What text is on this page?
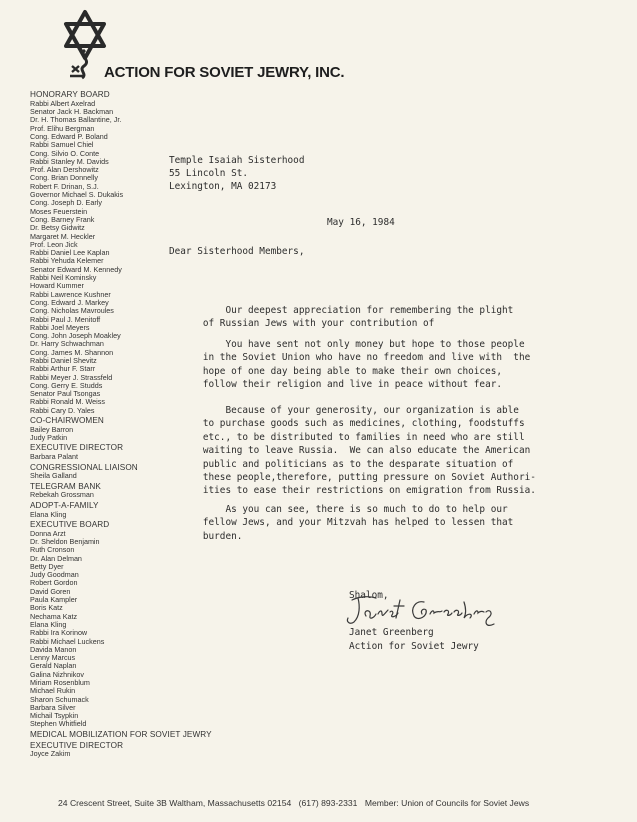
ACTION FOR SOVIET JEWRY, INC.
HONORARY BOARD
Rabbi Albert Axelrad
Senator Jack H. Backman
Dr. H. Thomas Ballantine, Jr.
Prof. Elihu Bergman
Cong. Edward P. Boland
Rabbi Samuel Chiel
Cong. Silvio O. Conte
Rabbi Stanley M. Davids
Prof. Alan Dershowitz
Cong. Brian Donnelly
Robert F. Drinan, S.J.
Governor Michael S. Dukakis
Cong. Joseph D. Early
Moses Feuerstein
Cong. Barney Frank
Dr. Betsy Gidwitz
Margaret M. Heckler
Prof. Leon Jick
Rabbi Daniel Lee Kaplan
Rabbi Yehuda Kelemer
Senator Edward M. Kennedy
Rabbi Neil Kominsky
Howard Kummer
Rabbi Lawrence Kushner
Cong. Edward J. Markey
Cong. Nicholas Mavroules
Rabbi Paul J. Menitoff
Rabbi Joel Meyers
Cong. John Joseph Moakley
Dr. Harry Schwachman
Cong. James M. Shannon
Rabbi Daniel Shevitz
Rabbi Arthur F. Starr
Rabbi Meyer J. Strassfeld
Cong. Gerry E. Studds
Senator Paul Tsongas
Rabbi Ronald M. Weiss
Rabbi Cary D. Yales
CO-CHAIRWOMEN
Bailey Barron
Judy Patkin
EXECUTIVE DIRECTOR
Barbara Palant
CONGRESSIONAL LIAISON
Sheila Galland
TELEGRAM BANK
Rebekah Grossman
ADOPT-A-FAMILY
Elana Kling
EXECUTIVE BOARD
Donna Arzt
Dr. Sheldon Benjamin
Ruth Cronson
Dr. Alan Delman
Betty Dyer
Judy Goodman
Robert Gordon
David Goren
Paula Kampler
Boris Katz
Nechama Katz
Elana Kling
Rabbi Ira Korinow
Rabbi Michael Luckens
Davida Manon
Lenny Marcus
Gerald Naplan
Galina Nizhnikov
Miriam Rosenblum
Michael Rukin
Sharon Schumack
Barbara Silver
Michail Tsypkin
Stephen Whitfield
MEDICAL MOBILIZATION FOR SOVIET JEWRY
EXECUTIVE DIRECTOR
Joyce Zakim
Temple Isaiah Sisterhood
55 Lincoln St.
Lexington, MA 02173
May 16, 1984
Dear Sisterhood Members,
Our deepest appreciation for remembering the plight
of Russian Jews with your contribution of
You have sent not only money but hope to those people
in the Soviet Union who have no freedom and live with  the
hope of one day being able to make their own choices,
follow their religion and live in peace without fear.
Because of your generosity, our organization is able
to purchase goods such as medicines, clothing, foodstuffs
etc., to be distributed to families in need who are still
waiting to leave Russia.  We can also educate the American
public and politicians as to the desparate situation of
these people,therefore, putting pressure on Soviet Authori-
ities to ease their restrictions on emigration from Russia.
As you can see, there is so much to do to help our
fellow Jews, and your Mitzvah has helped to lessen that
burden.
Shalom,
Janet Greenberg
Action for Soviet Jewry
24 Crescent Street, Suite 3B Waltham, Massachusetts 02154 (617) 893-2331 Member: Union of Councils for Soviet Jews
